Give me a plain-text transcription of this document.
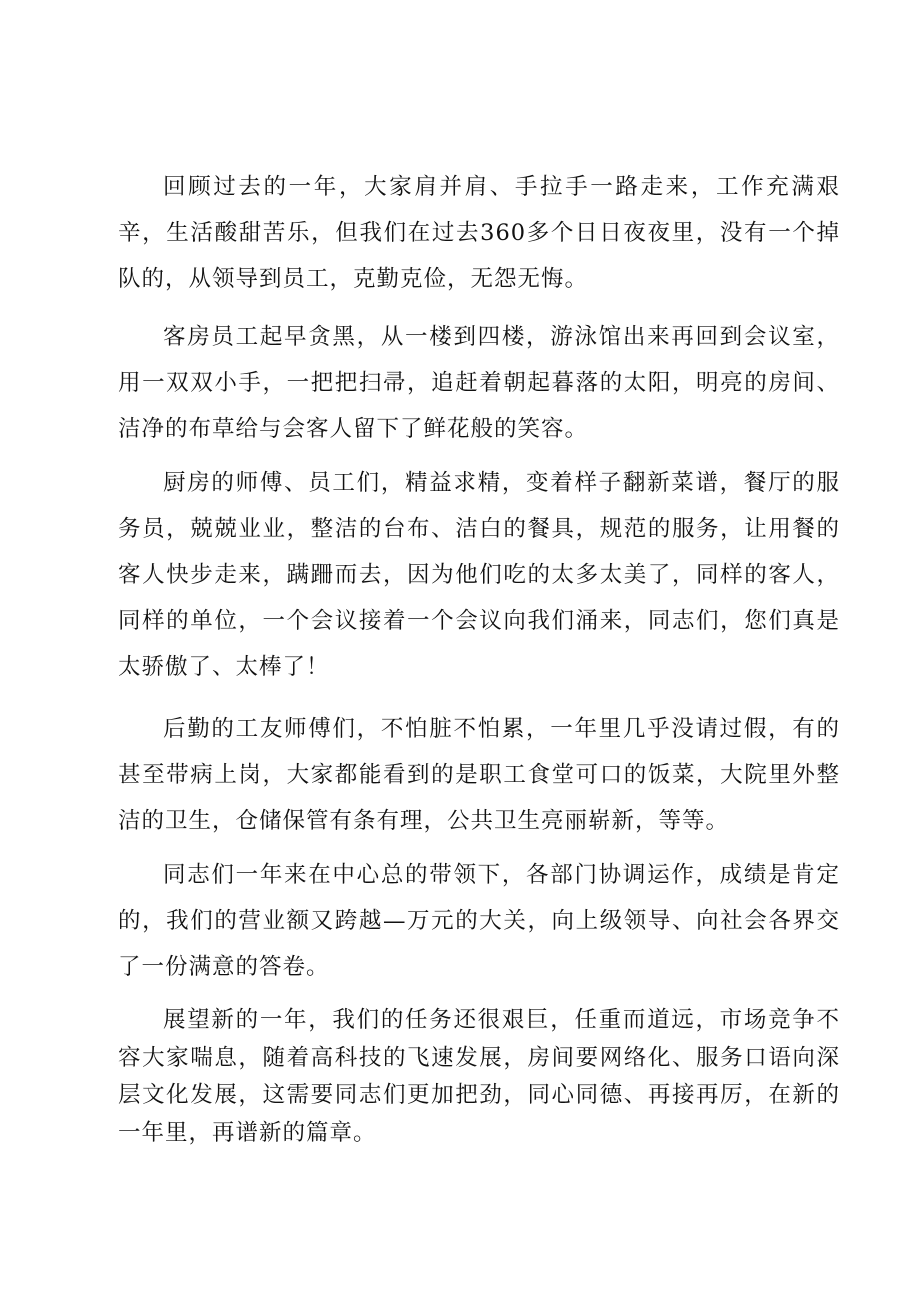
回顾过去的一年，大家肩并肩、手拉手一路走来，工作充满艰辛，生活酸甜苦乐，但我们在过去360多个日日夜夜里，没有一个掉队的，从领导到员工，克勤克俭，无怨无悔。

客房员工起早贪黑，从一楼到四楼，游泳馆出来再回到会议室，用一双双小手，一把把扫帚，追赶着朝起暮落的太阳，明亮的房间、洁净的布草给与会客人留下了鲜花般的笑容。

厨房的师傅、员工们，精益求精，变着样子翻新菜谱，餐厅的服务员，兢兢业业，整洁的台布、洁白的餐具，规范的服务，让用餐的客人快步走来，蹒跚而去，因为他们吃的太多太美了，同样的客人，同样的单位，一个会议接着一个会议向我们涌来，同志们，您们真是太骄傲了、太棒了！

后勤的工友师傅们，不怕脏不怕累，一年里几乎没请过假，有的甚至带病上岗，大家都能看到的是职工食堂可口的饭菜，大院里外整洁的卫生，仓储保管有条有理，公共卫生亮丽崭新，等等。

同志们一年来在中心总的带领下，各部门协调运作，成绩是肯定的，我们的营业额又跨越—万元的大关，向上级领导、向社会各界交了一份满意的答卷。

展望新的一年，我们的任务还很艰巨，任重而道远，市场竞争不容大家喘息，随着高科技的飞速发展，房间要网络化、服务口语向深层文化发展，这需要同志们更加把劲，同心同德、再接再厉，在新的一年里，再谱新的篇章。
